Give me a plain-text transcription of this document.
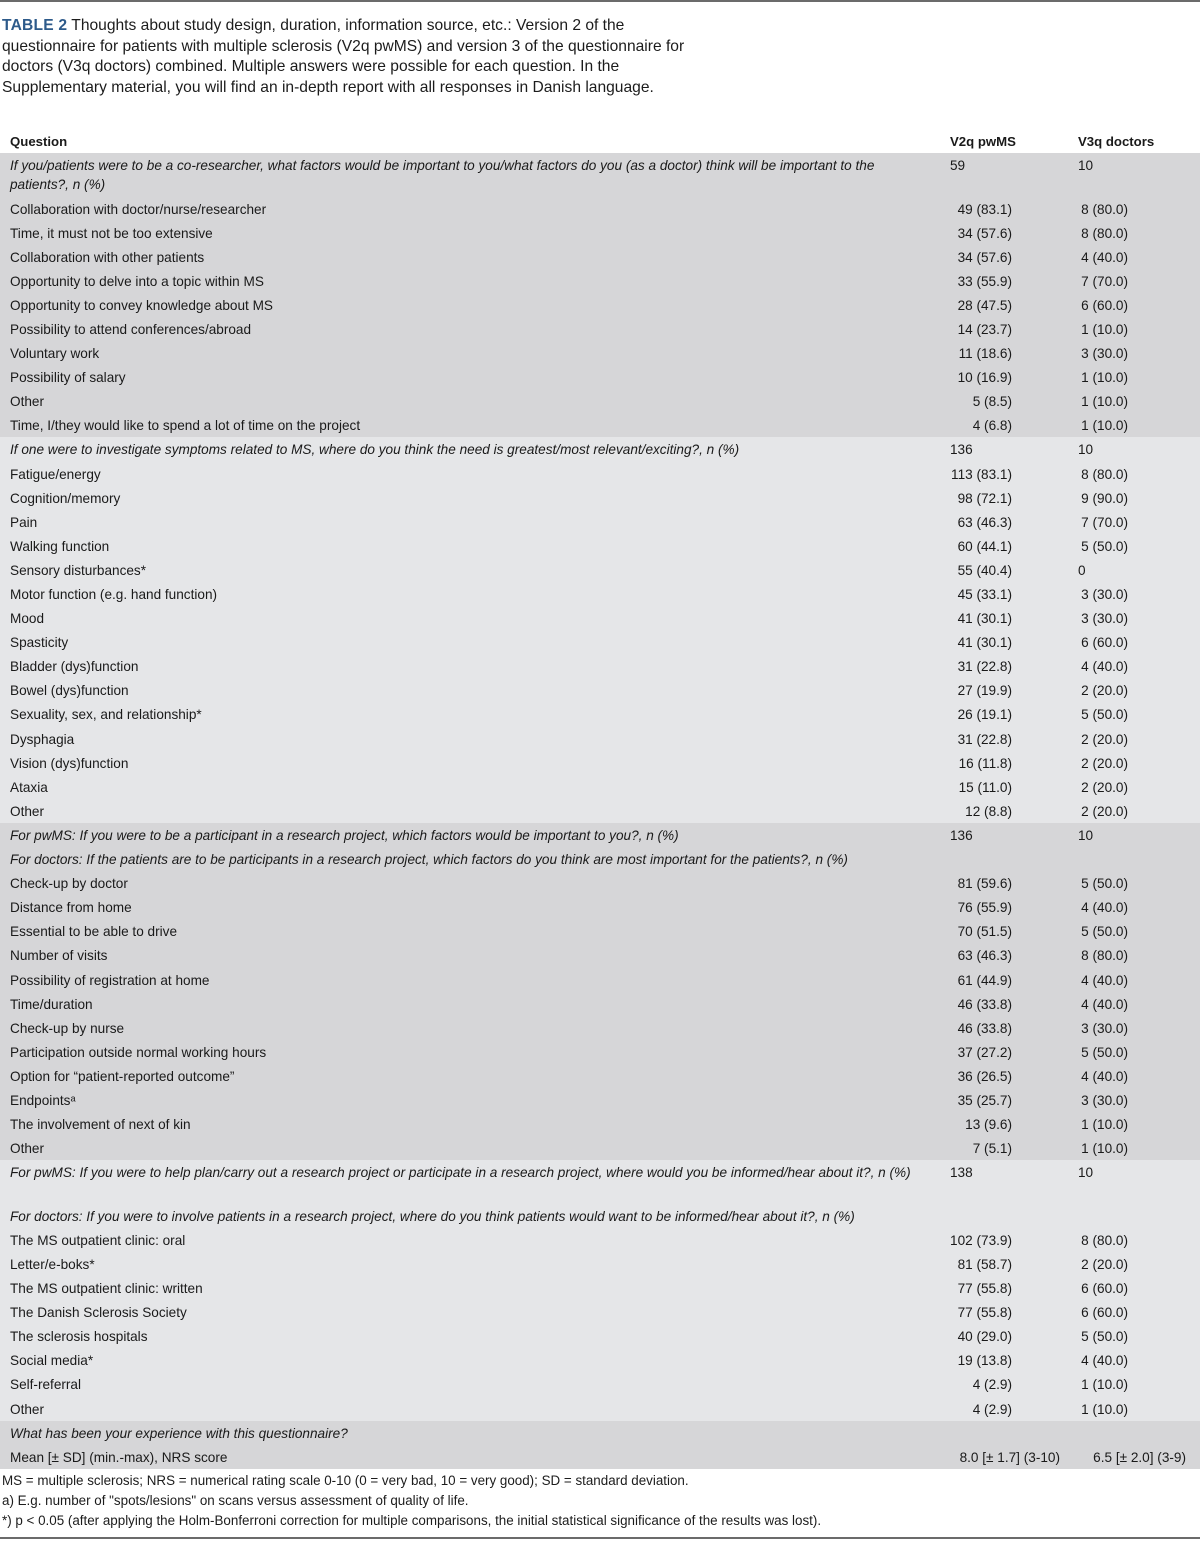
TABLE 2 Thoughts about study design, duration, information source, etc.: Version 2 of the questionnaire for patients with multiple sclerosis (V2q pwMS) and version 3 of the questionnaire for doctors (V3q doctors) combined. Multiple answers were possible for each question. In the Supplementary material, you will find an in-depth report with all responses in Danish language.

Question	V2q pwMS	V3q doctors
If you/patients were to be a co-researcher, what factors would be important to you/what factors do you (as a doctor) think will be important to the patients?, n (%)	59	10
Collaboration with doctor/nurse/researcher	49 (83.1)	8 (80.0)
Time, it must not be too extensive	34 (57.6)	8 (80.0)
Collaboration with other patients	34 (57.6)	4 (40.0)
Opportunity to delve into a topic within MS	33 (55.9)	7 (70.0)
Opportunity to convey knowledge about MS	28 (47.5)	6 (60.0)
Possibility to attend conferences/abroad	14 (23.7)	1 (10.0)
Voluntary work	11 (18.6)	3 (30.0)
Possibility of salary	10 (16.9)	1 (10.0)
Other	5 (8.5)	1 (10.0)
Time, I/they would like to spend a lot of time on the project	4 (6.8)	1 (10.0)
If one were to investigate symptoms related to MS, where do you think the need is greatest/most relevant/exciting?, n (%)	136	10
Fatigue/energy	113 (83.1)	8 (80.0)
Cognition/memory	98 (72.1)	9 (90.0)
Pain	63 (46.3)	7 (70.0)
Walking function	60 (44.1)	5 (50.0)
Sensory disturbances*	55 (40.4)	0
Motor function (e.g. hand function)	45 (33.1)	3 (30.0)
Mood	41 (30.1)	3 (30.0)
Spasticity	41 (30.1)	6 (60.0)
Bladder (dys)function	31 (22.8)	4 (40.0)
Bowel (dys)function	27 (19.9)	2 (20.0)
Sexuality, sex, and relationship*	26 (19.1)	5 (50.0)
Dysphagia	31 (22.8)	2 (20.0)
Vision (dys)function	16 (11.8)	2 (20.0)
Ataxia	15 (11.0)	2 (20.0)
Other	12 (8.8)	2 (20.0)
For pwMS: If you were to be a participant in a research project, which factors would be important to you?, n (%)	136	10
For doctors: If the patients are to be participants in a research project, which factors do you think are most important for the patients?, n (%)		
Check-up by doctor	81 (59.6)	5 (50.0)
Distance from home	76 (55.9)	4 (40.0)
Essential to be able to drive	70 (51.5)	5 (50.0)
Number of visits	63 (46.3)	8 (80.0)
Possibility of registration at home	61 (44.9)	4 (40.0)
Time/duration	46 (33.8)	4 (40.0)
Check-up by nurse	46 (33.8)	3 (30.0)
Participation outside normal working hours	37 (27.2)	5 (50.0)
Option for “patient-reported outcome”	36 (26.5)	4 (40.0)
Endpointsᵃ	35 (25.7)	3 (30.0)
The involvement of next of kin	13 (9.6)	1 (10.0)
Other	7 (5.1)	1 (10.0)
For pwMS: If you were to help plan/carry out a research project or participate in a research project, where would you be informed/hear about it?, n (%)	138	10
For doctors: If you were to involve patients in a research project, where do you think patients would want to be informed/hear about it?, n (%)		
The MS outpatient clinic: oral	102 (73.9)	8 (80.0)
Letter/e-boks*	81 (58.7)	2 (20.0)
The MS outpatient clinic: written	77 (55.8)	6 (60.0)
The Danish Sclerosis Society	77 (55.8)	6 (60.0)
The sclerosis hospitals	40 (29.0)	5 (50.0)
Social media*	19 (13.8)	4 (40.0)
Self-referral	4 (2.9)	1 (10.0)
Other	4 (2.9)	1 (10.0)
What has been your experience with this questionnaire?		
Mean [± SD] (min.-max), NRS score	8.0 [± 1.7] (3-10)	6.5 [± 2.0] (3-9)
MS = multiple sclerosis; NRS = numerical rating scale 0-10 (0 = very bad, 10 = very good); SD = standard deviation.
a) E.g. number of "spots/lesions" on scans versus assessment of quality of life.
*) p < 0.05 (after applying the Holm-Bonferroni correction for multiple comparisons, the initial statistical significance of the results was lost).
